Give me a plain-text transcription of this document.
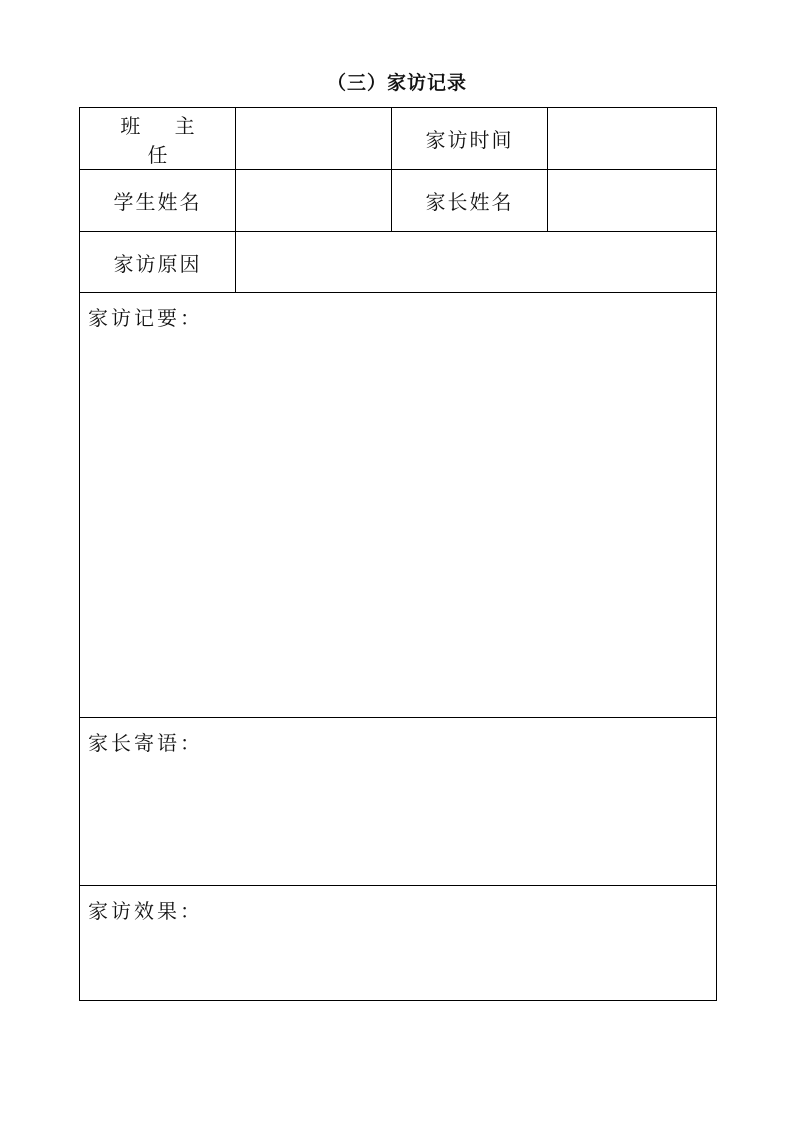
（三）家访记录
班 主 任		家访时间	
学生姓名		家长姓名	
家访原因			
家访记要：			
家长寄语：			
家访效果：			
